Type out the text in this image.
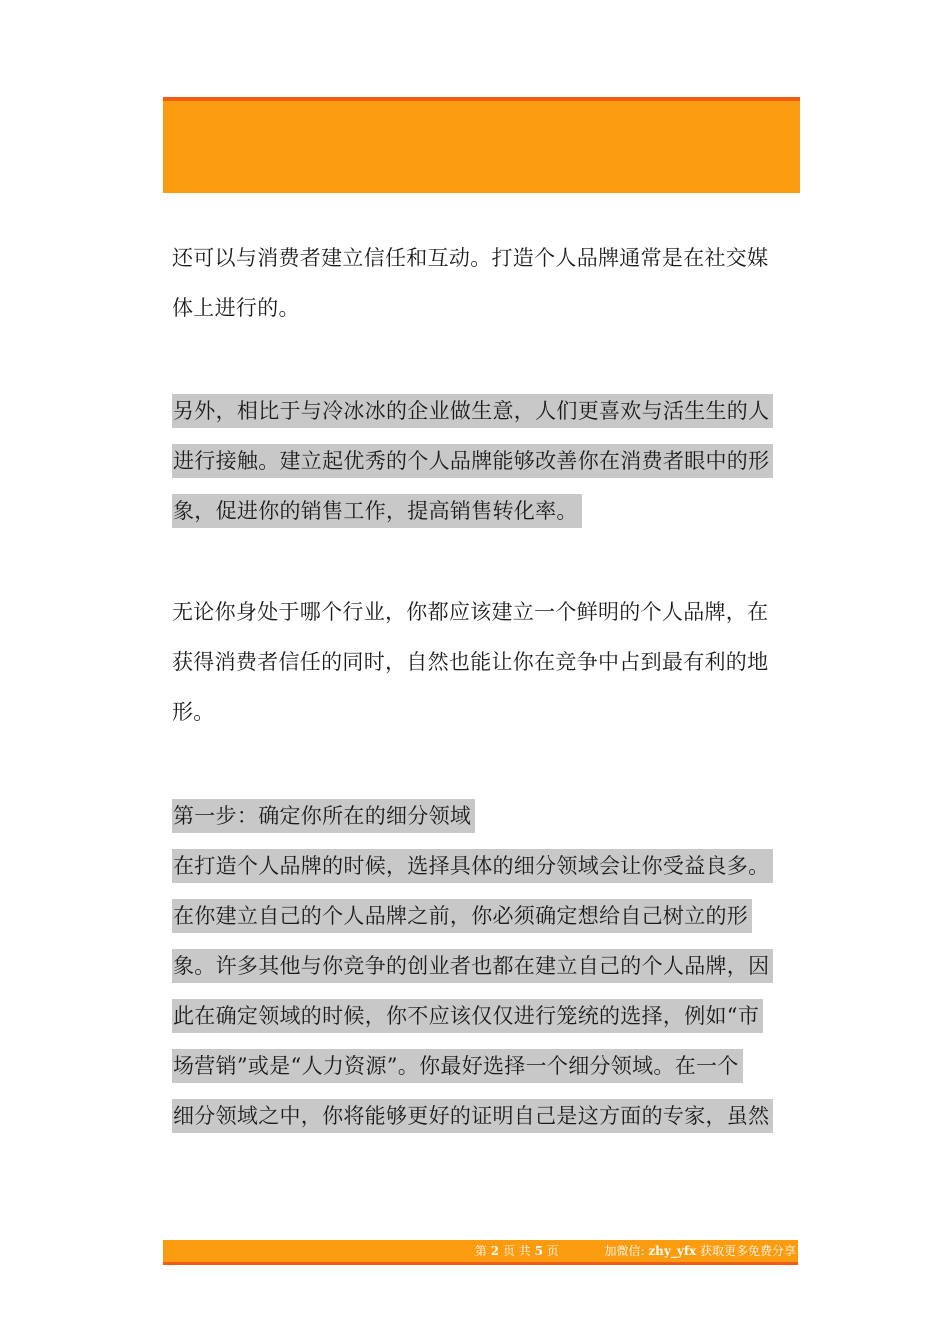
还可以与消费者建立信任和互动。打造个人品牌通常是在社交媒
体上进行的。
另外，相比于与冷冰冰的企业做生意，人们更喜欢与活生生的人
进行接触。建立起优秀的个人品牌能够改善你在消费者眼中的形
象，促进你的销售工作，提高销售转化率。
无论你身处于哪个行业，你都应该建立一个鲜明的个人品牌，在
获得消费者信任的同时，自然也能让你在竞争中占到最有利的地
形。
第一步：确定你所在的细分领域
在打造个人品牌的时候，选择具体的细分领域会让你受益良多。
在你建立自己的个人品牌之前，你必须确定想给自己树立的形
象。许多其他与你竞争的创业者也都在建立自己的个人品牌，因
此在确定领域的时候，你不应该仅仅进行笼统的选择，例如“市
场营销”或是“人力资源”。你最好选择一个细分领域。在一个
细分领域之中，你将能够更好的证明自己是这方面的专家，虽然
第 2 页 共 5 页	加微信: zhy_yfx 获取更多免费分享
